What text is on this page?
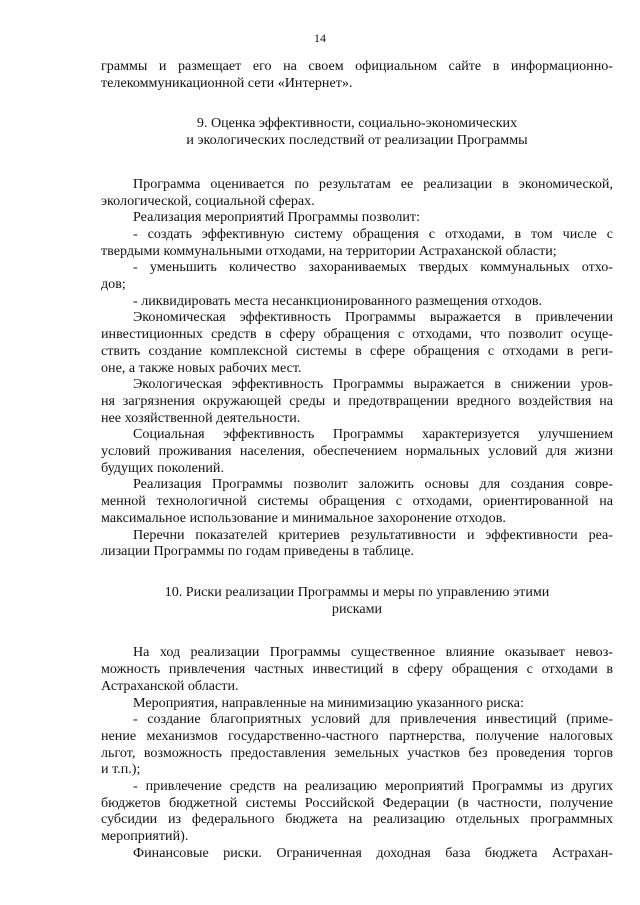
14

граммы и размещает его на своем официальном сайте в информационно-

телекоммуникационной сети «Интернет».

9. Оценка эффективности, социально-экономических

и экологических последствий от реализации Программы

Программа оценивается по результатам ее реализации в экономической,

экологической, социальной сферах.

Реализация мероприятий Программы позволит:

- создать эффективную систему обращения с отходами, в том числе с

твердыми коммунальными отходами, на территории Астраханской области;

- уменьшить количество захораниваемых твердых коммунальных отхо-

дов;

- ликвидировать места несанкционированного размещения отходов.

Экономическая эффективность Программы выражается в привлечении

инвестиционных средств в сферу обращения с отходами, что позволит осуще-

ствить создание комплексной системы в сфере обращения с отходами в реги-

оне, а также новых рабочих мест.

Экологическая эффективность Программы выражается в снижении уров-

ня загрязнения окружающей среды и предотвращении вредного воздействия на

нее хозяйственной деятельности.

Социальная эффективность Программы характеризуется улучшением

условий проживания населения, обеспечением нормальных условий для жизни

будущих поколений.

Реализация Программы позволит заложить основы для создания совре-

менной технологичной системы обращения с отходами, ориентированной на

максимальное использование и минимальное захоронение отходов.

Перечни показателей критериев результативности и эффективности реа-

лизации Программы по годам приведены в таблице.

10. Риски реализации Программы и меры по управлению этими

рисками

На ход реализации Программы существенное влияние оказывает невоз-

можность привлечения частных инвестиций в сферу обращения с отходами в

Астраханской области.

Мероприятия, направленные на минимизацию указанного риска:

- создание благоприятных условий для привлечения инвестиций (приме-

нение механизмов государственно-частного партнерства, получение налоговых

льгот, возможность предоставления земельных участков без проведения торгов

и т.п.);

- привлечение средств на реализацию мероприятий Программы из других

бюджетов бюджетной системы Российской Федерации (в частности, получение

субсидии из федерального бюджета на реализацию отдельных программных

мероприятий).

Финансовые риски. Ограниченная доходная база бюджета Астрахан-
